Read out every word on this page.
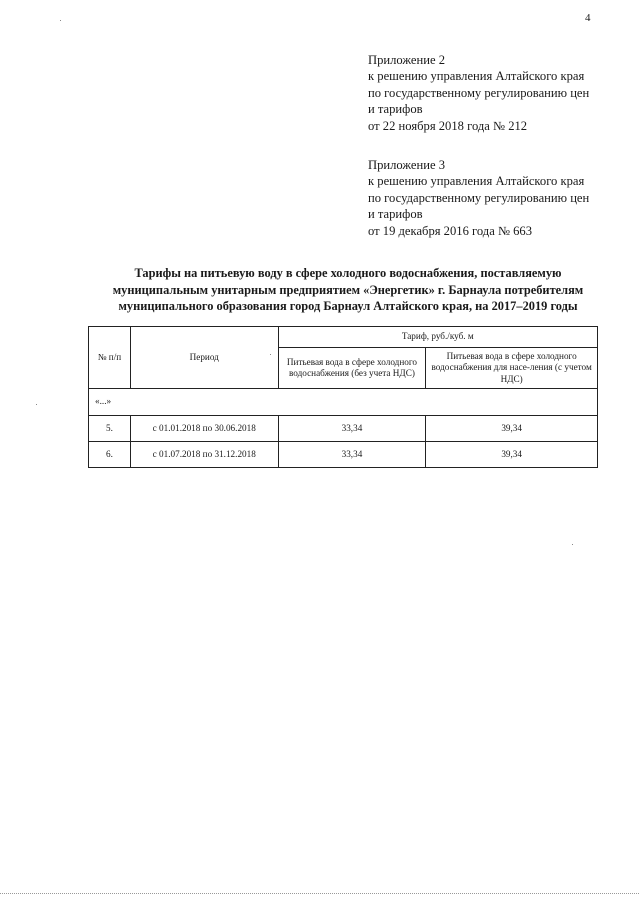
4
Приложение 2
к решению управления Алтайского края
по государственному регулированию цен
и тарифов
от 22 ноября 2018 года № 212
Приложение 3
к решению управления Алтайского края
по государственному регулированию цен
и тарифов
от 19 декабря 2016 года № 663
Тарифы на питьевую воду в сфере холодного водоснабжения, поставляемую
муниципальным унитарным предприятием «Энергетик» г. Барнаула потребителям
муниципального образования город Барнаул Алтайского края, на 2017–2019 годы
№ п/п	Период	Тариф, руб./куб. м	
		Питьевая вода в сфере холодного водоснабжения (без учета НДС)	Питьевая вода в сфере холодного водоснабжения для насе-ления (с учетом НДС)
«...»			
5.	с 01.01.2018 по 30.06.2018	33,34	39,34
6.	с 01.07.2018 по 31.12.2018	33,34	39,34
